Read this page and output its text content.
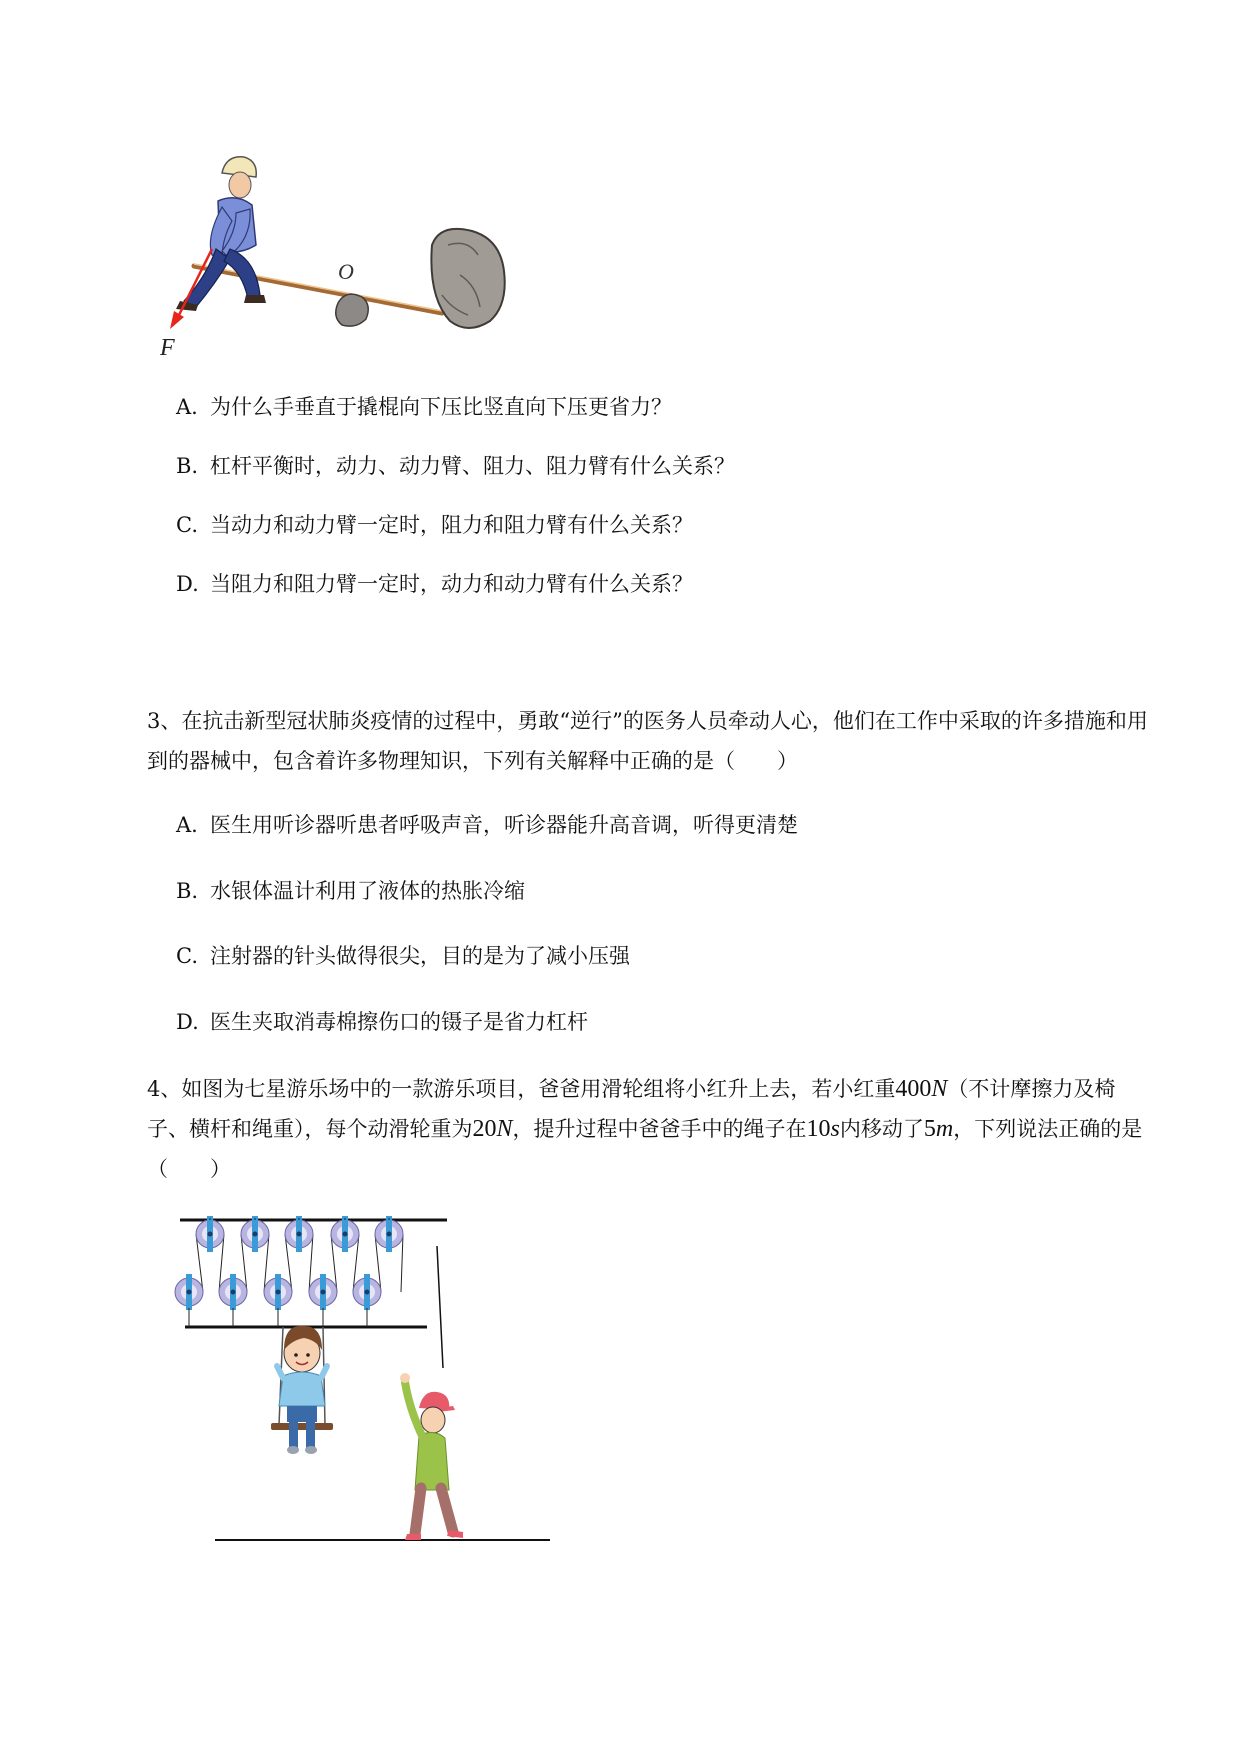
O
F
A. 为什么手垂直于撬棍向下压比竖直向下压更省力？
B. 杠杆平衡时，动力、动力臂、阻力、阻力臂有什么关系？
C. 当动力和动力臂一定时，阻力和阻力臂有什么关系？
D. 当阻力和阻力臂一定时，动力和动力臂有什么关系？
3、在抗击新型冠状肺炎疫情的过程中，勇敢“逆行”的医务人员牵动人心，他们在工作中采取的许多措施和用到的器械中，包含着许多物理知识，下列有关解释中正确的是（　　）
A. 医生用听诊器听患者呼吸声音，听诊器能升高音调，听得更清楚
B. 水银体温计利用了液体的热胀冷缩
C. 注射器的针头做得很尖，目的是为了减小压强
D. 医生夹取消毒棉擦伤口的镊子是省力杠杆
4、如图为七星游乐场中的一款游乐项目，爸爸用滑轮组将小红升上去，若小红重400N（不计摩擦力及椅子、横杆和绳重），每个动滑轮重为20N，提升过程中爸爸手中的绳子在10s内移动了5m，下列说法正确的是（　　）
